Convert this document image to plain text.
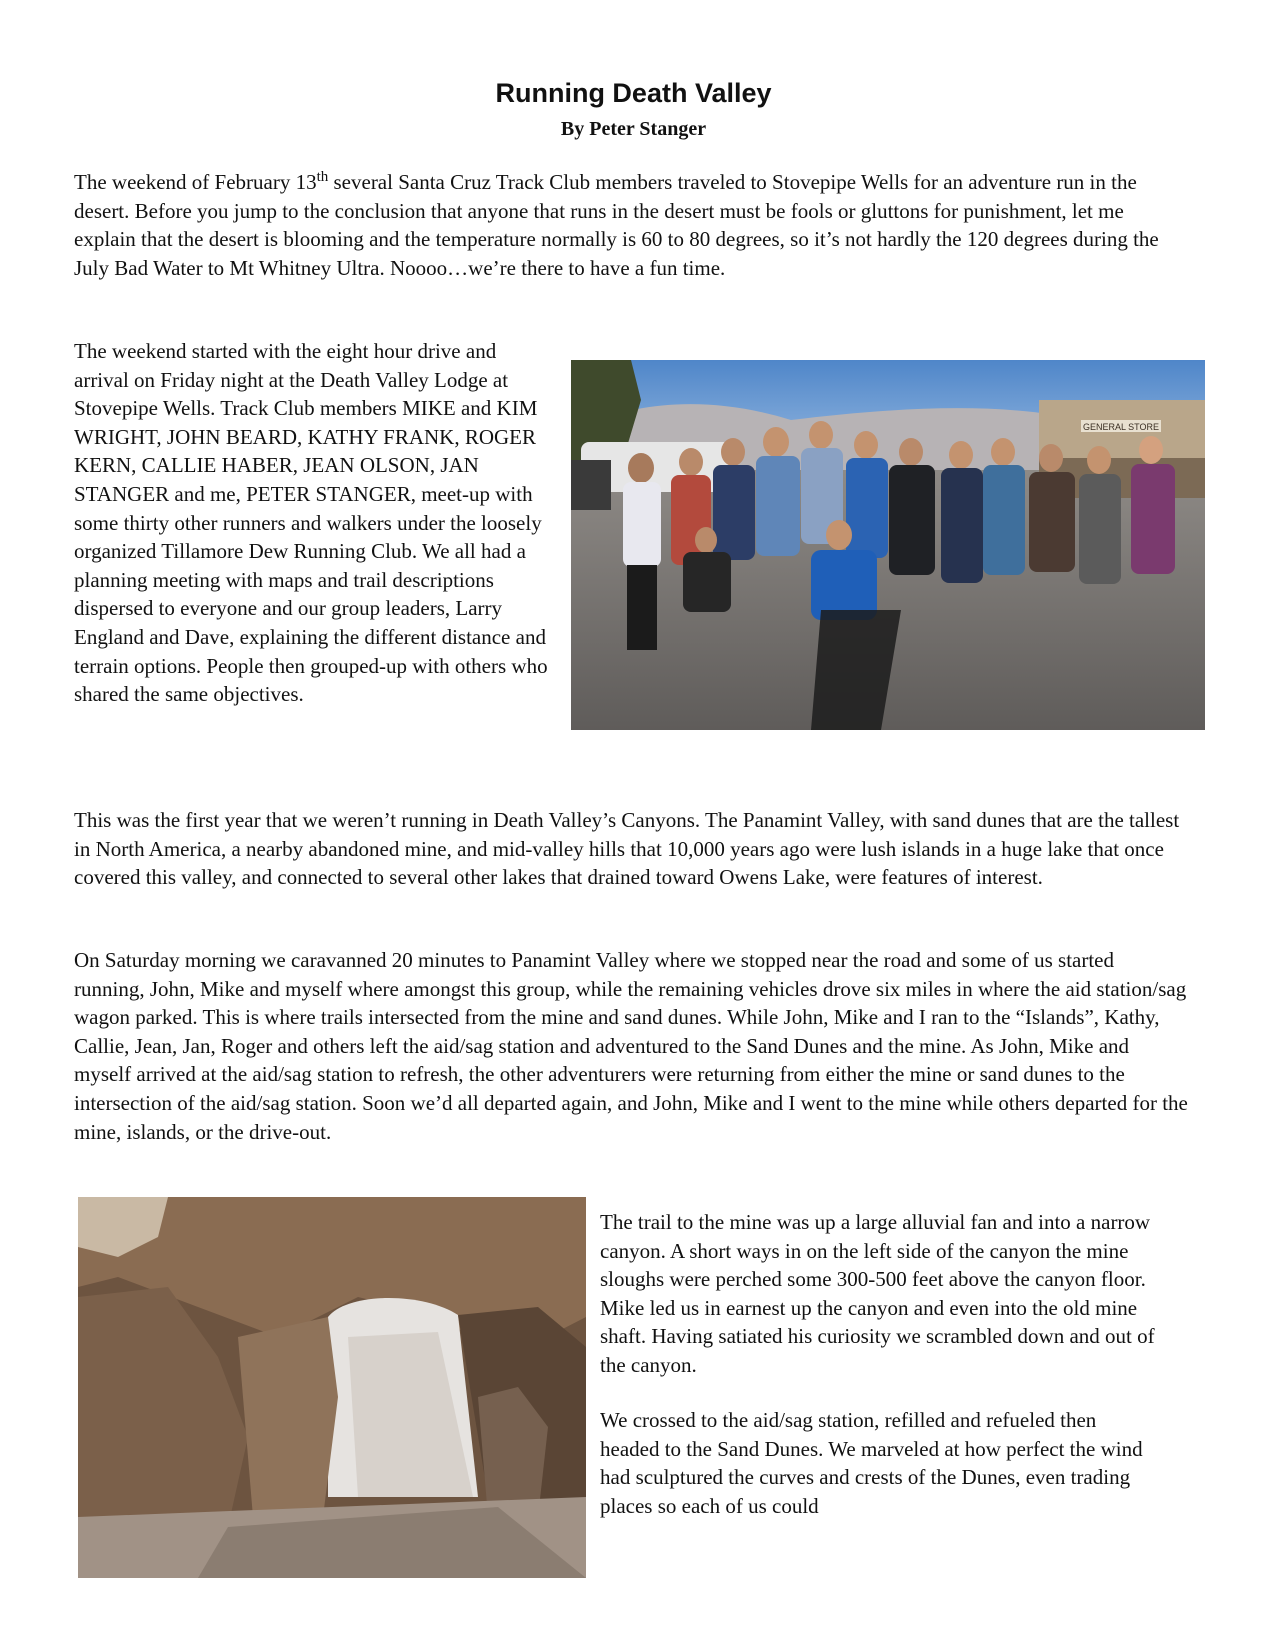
Running Death Valley
By Peter Stanger

The weekend of February 13th several Santa Cruz Track Club members traveled to Stovepipe Wells for an adventure run in the desert. Before you jump to the conclusion that anyone that runs in the desert must be fools or gluttons for punishment, let me explain that the desert is blooming and the temperature normally is 60 to 80 degrees, so it’s not hardly the 120 degrees during the July Bad Water to Mt Whitney Ultra. Noooo…we’re there to have a fun time.

The weekend started with the eight hour drive and arrival on Friday night at the Death Valley Lodge at Stovepipe Wells. Track Club members MIKE and KIM WRIGHT, JOHN BEARD, KATHY FRANK, ROGER KERN, CALLIE HABER, JEAN OLSON, JAN STANGER and me, PETER STANGER, meet-up with some thirty other runners and walkers under the loosely organized Tillamore Dew Running Club. We all had a planning meeting with maps and trail descriptions dispersed to everyone and our group leaders, Larry England and Dave, explaining the different distance and terrain options. People then grouped-up with others who shared the same objectives.

GENERAL STORE

This was the first year that we weren’t running in Death Valley’s Canyons. The Panamint Valley, with sand dunes that are the tallest in North America, a nearby abandoned mine, and mid-valley hills that 10,000 years ago were lush islands in a huge lake that once covered this valley, and connected to several other lakes that drained toward Owens Lake, were features of interest.

On Saturday morning we caravanned 20 minutes to Panamint Valley where we stopped near the road and some of us started running, John, Mike and myself where amongst this group, while the remaining vehicles drove six miles in where the aid station/sag wagon parked. This is where trails intersected from the mine and sand dunes. While John, Mike and I ran to the “Islands”, Kathy, Callie, Jean, Jan, Roger and others left the aid/sag station and adventured to the Sand Dunes and the mine. As John, Mike and myself arrived at the aid/sag station to refresh, the other adventurers were returning from either the mine or sand dunes to the intersection of the aid/sag station. Soon we’d all departed again, and John, Mike and I went to the mine while others departed for the mine, islands, or the drive-out.

The trail to the mine was up a large alluvial fan and into a narrow canyon. A short ways in on the left side of the canyon the mine sloughs were perched some 300-500 feet above the canyon floor. Mike led us in earnest up the canyon and even into the old mine shaft. Having satiated his curiosity we scrambled down and out of the canyon.

We crossed to the aid/sag station, refilled and refueled then headed to the Sand Dunes. We marveled at how perfect the wind had sculptured the curves and crests of the Dunes, even trading places so each of us could
